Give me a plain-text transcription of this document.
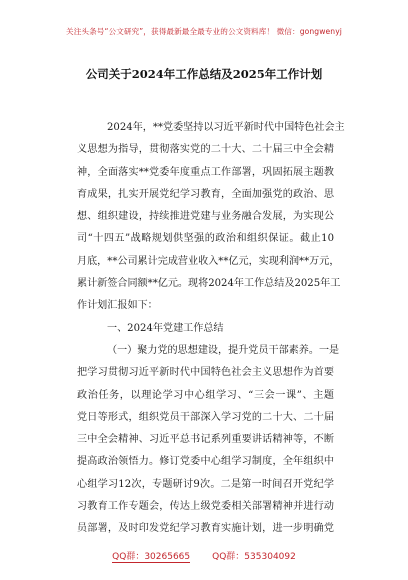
关注头条号“公文研究”，获得最新最全最专业的公文资料库！ 微信：gongwenyj
公司关于2024年工作总结及2025年工作计划
2024年，**党委坚持以习近平新时代中国特色社会主
义思想为指导，贯彻落实党的二十大、二十届三中全会精
神，全面落实**党委年度重点工作部署，巩固拓展主题教
育成果，扎实开展党纪学习教育，全面加强党的政治、思
想、组织建设，持续推进党建与业务融合发展，为实现公
司“十四五”战略规划供坚强的政治和组织保证。截止10
月底，**公司累计完成营业收入**亿元，实现利润**万元，
累计新签合同额**亿元。现将2024年工作总结及2025年工
作计划汇报如下：
一、2024年党建工作总结
（一）聚力党的思想建设，提升党员干部素养。一是
把学习贯彻习近平新时代中国特色社会主义思想作为首要
政治任务，以理论学习中心组学习、“三会一课”、主题
党日等形式，组织党员干部深入学习党的二十大、二十届
三中全会精神、习近平总书记系列重要讲话精神等，不断
提高政治领悟力。修订党委中心组学习制度，全年组织中
心组学习12次，专题研讨9次。二是第一时间召开党纪学
习教育工作专题会，传达上级党委相关部署精神并进行动
员部署，及时印发党纪学习教育实施计划，进一步明确党
QQ群：30265665 QQ群：535304092
